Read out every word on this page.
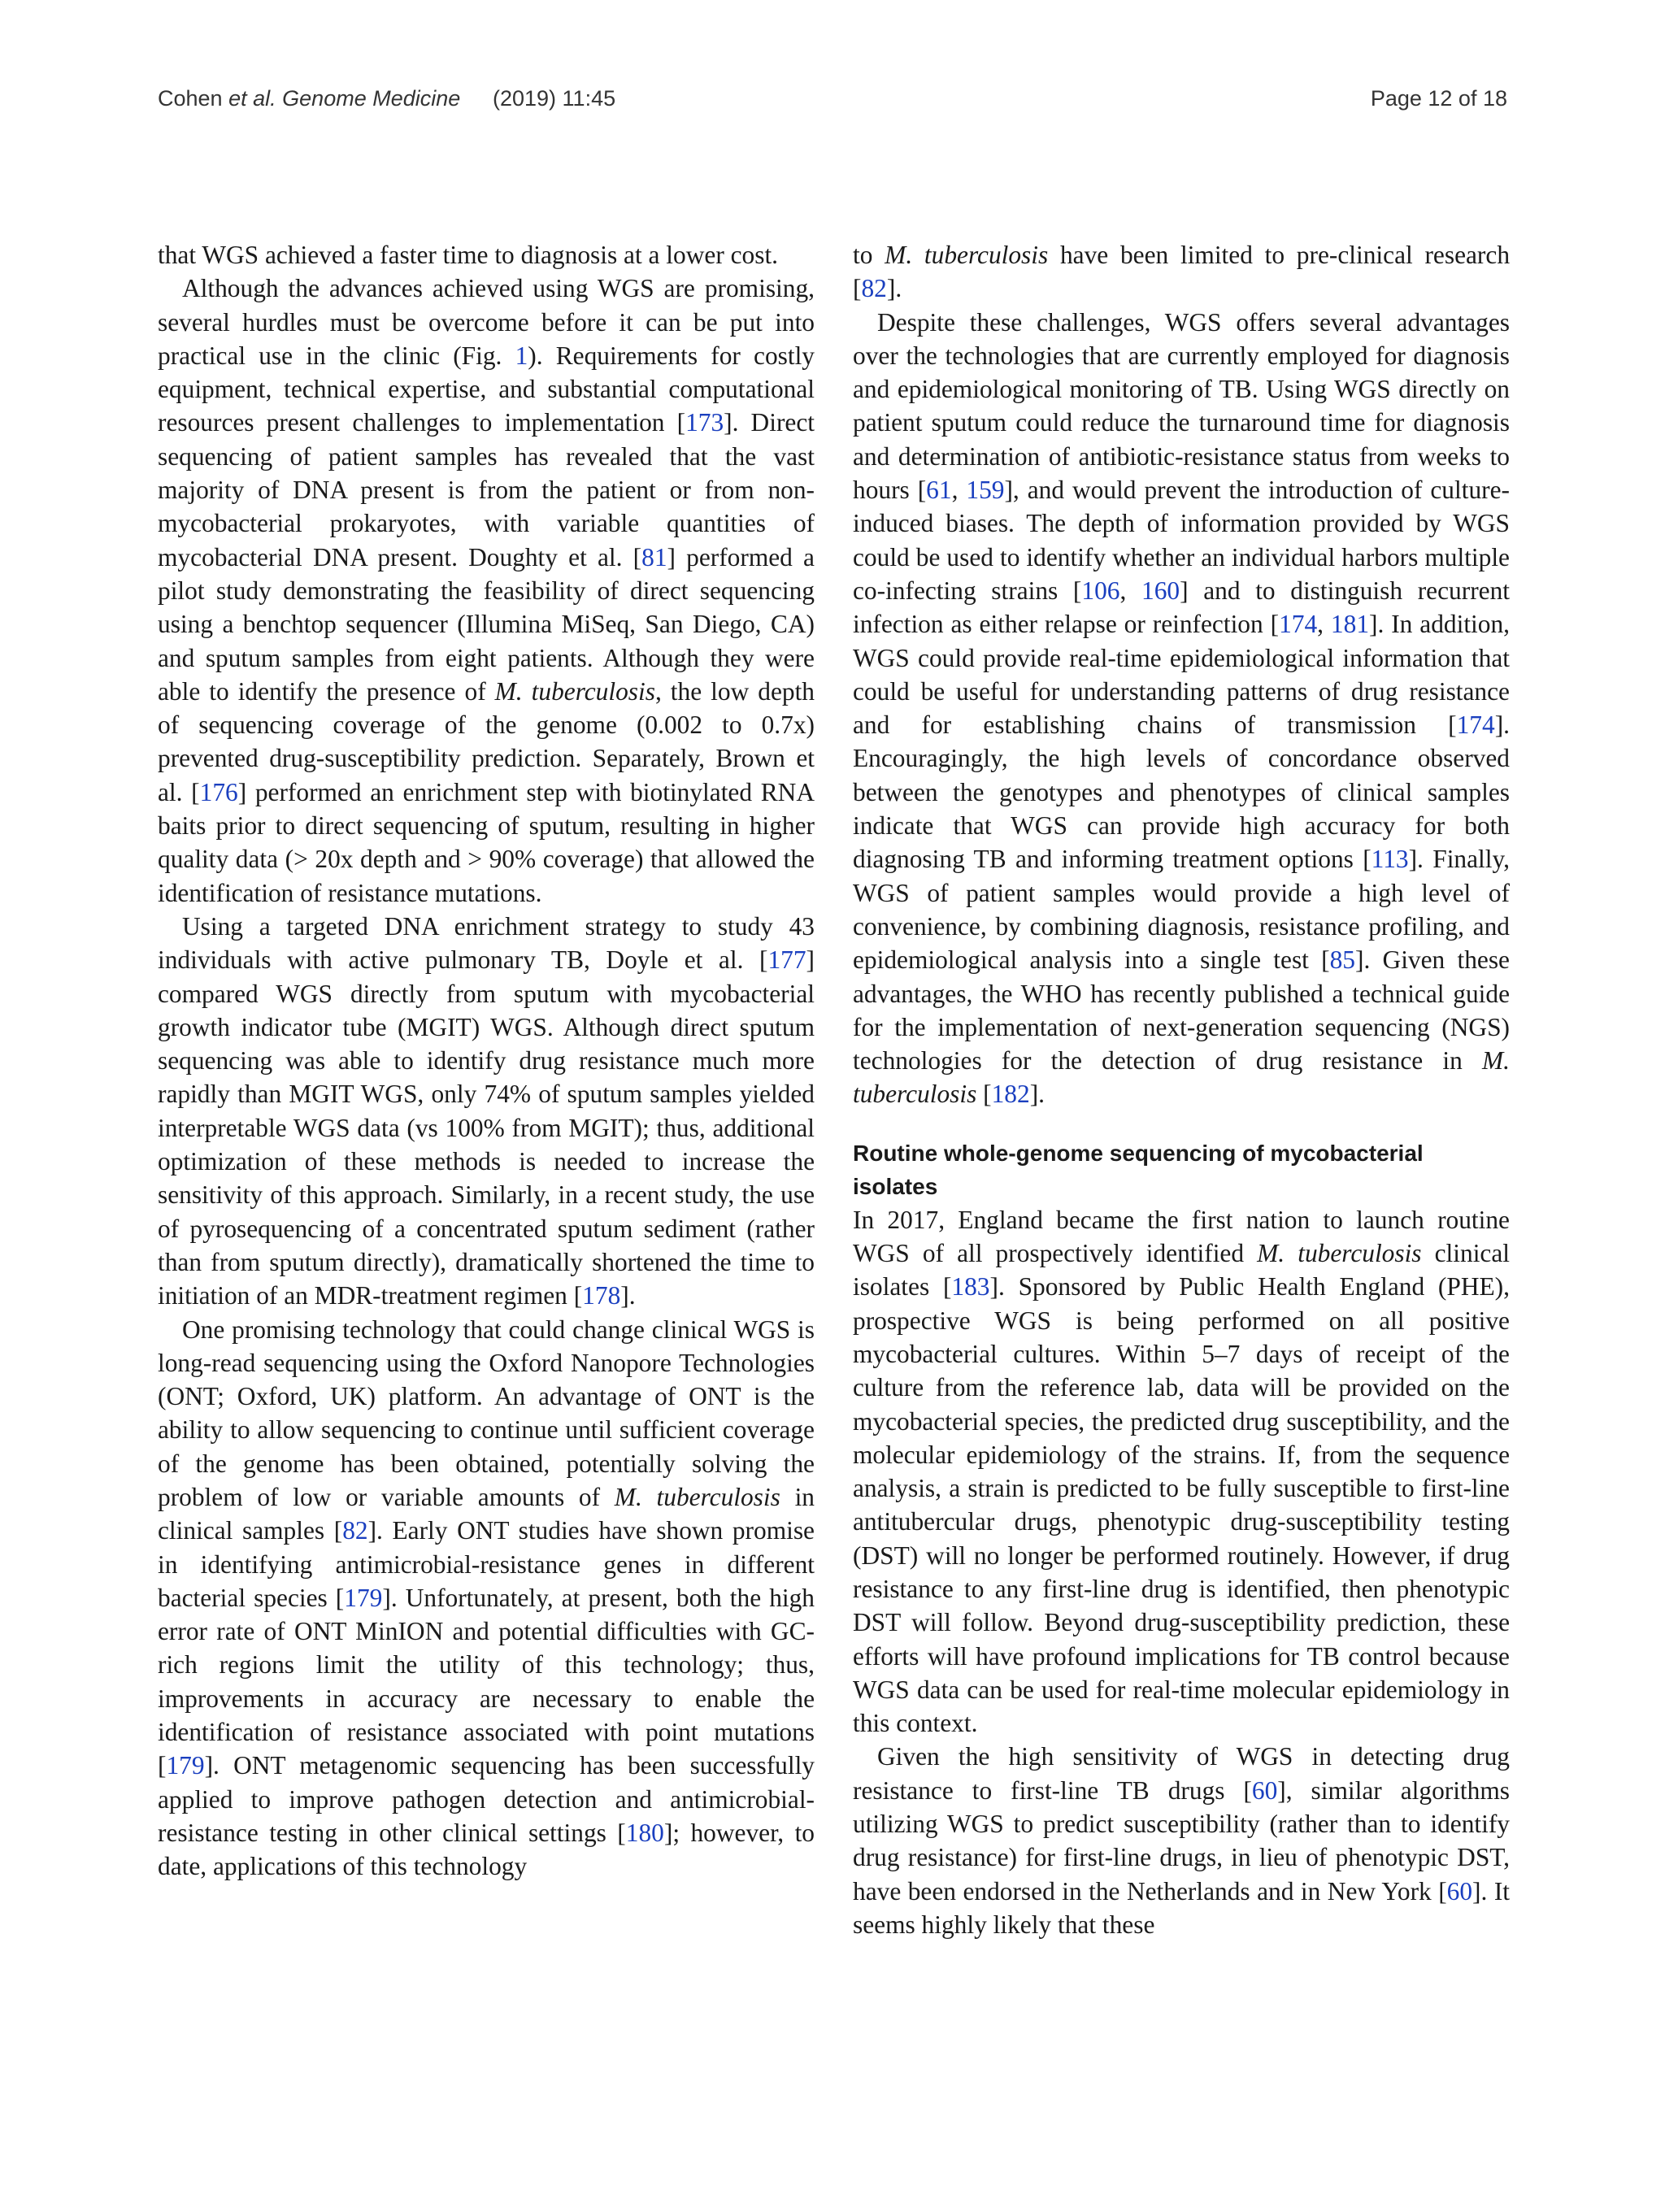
Cohen et al. Genome Medicine (2019) 11:45	Page 12 of 18

that WGS achieved a faster time to diagnosis at a lower cost.

Although the advances achieved using WGS are promising, several hurdles must be overcome before it can be put into practical use in the clinic (Fig. 1). Requirements for costly equipment, technical expertise, and substantial computational resources present challenges to implementation [173]. Direct sequencing of patient samples has revealed that the vast majority of DNA present is from the patient or from non-mycobacterial prokaryotes, with variable quantities of mycobacterial DNA present. Doughty et al. [81] performed a pilot study demonstrating the feasibility of direct sequencing using a benchtop sequencer (Illumina MiSeq, San Diego, CA) and sputum samples from eight patients. Although they were able to identify the presence of M. tuberculosis, the low depth of sequencing coverage of the genome (0.002 to 0.7x) prevented drug-susceptibility prediction. Separately, Brown et al. [176] performed an enrichment step with biotinylated RNA baits prior to direct sequencing of sputum, resulting in higher quality data (> 20x depth and > 90% coverage) that allowed the identification of resistance mutations.

Using a targeted DNA enrichment strategy to study 43 individuals with active pulmonary TB, Doyle et al. [177] compared WGS directly from sputum with mycobacterial growth indicator tube (MGIT) WGS. Although direct sputum sequencing was able to identify drug resistance much more rapidly than MGIT WGS, only 74% of sputum samples yielded interpretable WGS data (vs 100% from MGIT); thus, additional optimization of these methods is needed to increase the sensitivity of this approach. Similarly, in a recent study, the use of pyrosequencing of a concentrated sputum sediment (rather than from sputum directly), dramatically shortened the time to initiation of an MDR-treatment regimen [178].

One promising technology that could change clinical WGS is long-read sequencing using the Oxford Nanopore Technologies (ONT; Oxford, UK) platform. An advantage of ONT is the ability to allow sequencing to continue until sufficient coverage of the genome has been obtained, potentially solving the problem of low or variable amounts of M. tuberculosis in clinical samples [82]. Early ONT studies have shown promise in identifying antimicrobial-resistance genes in different bacterial species [179]. Unfortunately, at present, both the high error rate of ONT MinION and potential difficulties with GC-rich regions limit the utility of this technology; thus, improvements in accuracy are necessary to enable the identification of resistance associated with point mutations [179]. ONT metagenomic sequencing has been successfully applied to improve pathogen detection and antimicrobial-resistance testing in other clinical settings [180]; however, to date, applications of this technology

to M. tuberculosis have been limited to pre-clinical research [82].

Despite these challenges, WGS offers several advantages over the technologies that are currently employed for diagnosis and epidemiological monitoring of TB. Using WGS directly on patient sputum could reduce the turnaround time for diagnosis and determination of antibiotic-resistance status from weeks to hours [61, 159], and would prevent the introduction of culture-induced biases. The depth of information provided by WGS could be used to identify whether an individual harbors multiple co-infecting strains [106, 160] and to distinguish recurrent infection as either relapse or reinfection [174, 181]. In addition, WGS could provide real-time epidemiological information that could be useful for understanding patterns of drug resistance and for establishing chains of transmission [174]. Encouragingly, the high levels of concordance observed between the genotypes and phenotypes of clinical samples indicate that WGS can provide high accuracy for both diagnosing TB and informing treatment options [113]. Finally, WGS of patient samples would provide a high level of convenience, by combining diagnosis, resistance profiling, and epidemiological analysis into a single test [85]. Given these advantages, the WHO has recently published a technical guide for the implementation of next-generation sequencing (NGS) technologies for the detection of drug resistance in M. tuberculosis [182].

Routine whole-genome sequencing of mycobacterial isolates

In 2017, England became the first nation to launch routine WGS of all prospectively identified M. tuberculosis clinical isolates [183]. Sponsored by Public Health England (PHE), prospective WGS is being performed on all positive mycobacterial cultures. Within 5–7 days of receipt of the culture from the reference lab, data will be provided on the mycobacterial species, the predicted drug susceptibility, and the molecular epidemiology of the strains. If, from the sequence analysis, a strain is predicted to be fully susceptible to first-line antitubercular drugs, phenotypic drug-susceptibility testing (DST) will no longer be performed routinely. However, if drug resistance to any first-line drug is identified, then phenotypic DST will follow. Beyond drug-susceptibility prediction, these efforts will have profound implications for TB control because WGS data can be used for real-time molecular epidemiology in this context.

Given the high sensitivity of WGS in detecting drug resistance to first-line TB drugs [60], similar algorithms utilizing WGS to predict susceptibility (rather than to identify drug resistance) for first-line drugs, in lieu of phenotypic DST, have been endorsed in the Netherlands and in New York [60]. It seems highly likely that these
